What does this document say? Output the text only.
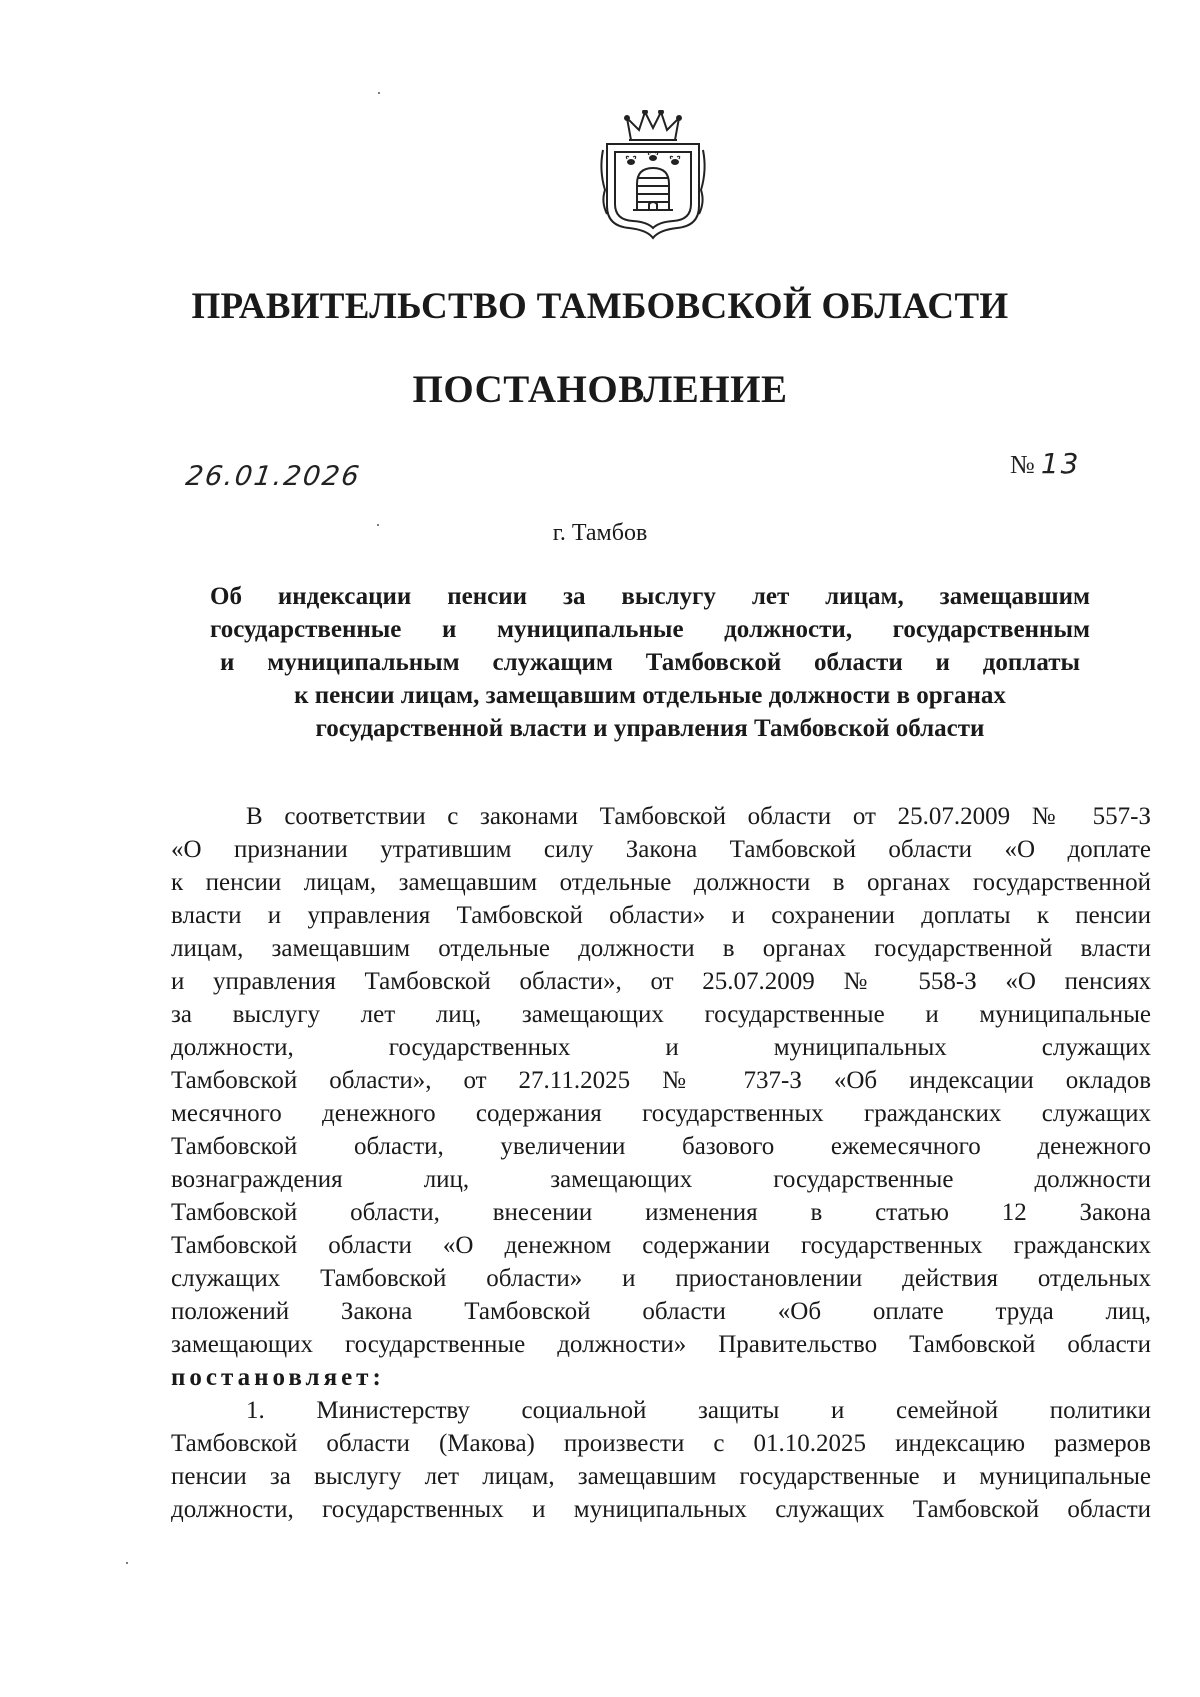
ПРАВИТЕЛЬСТВО ТАМБОВСКОЙ ОБЛАСТИ
ПОСТАНОВЛЕНИЕ
26.01.2026	№ 13
г. Тамбов
Об индексации пенсии за выслугу лет лицам, замещавшим
государственные и муниципальные должности, государственным
и муниципальным служащим Тамбовской области и доплаты
к пенсии лицам, замещавшим отдельные должности в органах
государственной власти и управления Тамбовской области
В соответствии с законами Тамбовской области от 25.07.2009 № 557-З
«О признании утратившим силу Закона Тамбовской области «О доплате
к пенсии лицам, замещавшим отдельные должности в органах государственной
власти и управления Тамбовской области» и сохранении доплаты к пенсии
лицам, замещавшим отдельные должности в органах государственной власти
и управления Тамбовской области», от 25.07.2009 № 558-З «О пенсиях
за выслугу лет лиц, замещающих государственные и муниципальные
должности, государственных и муниципальных служащих
Тамбовской области», от 27.11.2025 № 737-З «Об индексации окладов
месячного денежного содержания государственных гражданских служащих
Тамбовской области, увеличении базового ежемесячного денежного
вознаграждения лиц, замещающих государственные должности
Тамбовской области, внесении изменения в статью 12 Закона
Тамбовской области «О денежном содержании государственных гражданских
служащих Тамбовской области» и приостановлении действия отдельных
положений Закона Тамбовской области «Об оплате труда лиц,
замещающих государственные должности» Правительство Тамбовской области
постановляет:
1. Министерству социальной защиты и семейной политики
Тамбовской области (Макова) произвести с 01.10.2025 индексацию размеров
пенсии за выслугу лет лицам, замещавшим государственные и муниципальные
должности, государственных и муниципальных служащих Тамбовской области
